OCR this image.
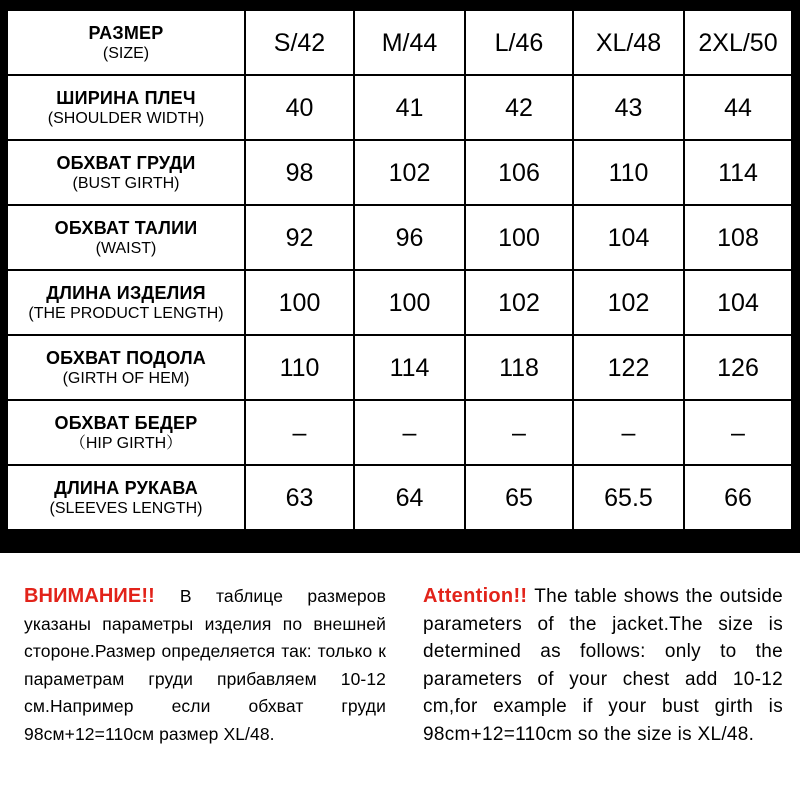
РАЗМЕР
(SIZE)	S/42	M/44	L/46	XL/48	2XL/50

ШИРИНА ПЛЕЧ
(SHOULDER WIDTH)	40	41	42	43	44

ОБХВАТ ГРУДИ
(BUST GIRTH)	98	102	106	110	114

ОБХВАТ ТАЛИИ
(WAIST)	92	96	100	104	108

ДЛИНА ИЗДЕЛИЯ
(THE PRODUCT LENGTH)	100	100	102	102	104

ОБХВАТ ПОДОЛА
(GIRTH OF HEM)	110	114	118	122	126

ОБХВАТ БЕДЕР
（HIP GIRTH）	–	–	–	–	–

ДЛИНА РУКАВА
(SLEEVES LENGTH)	63	64	65	65.5	66
ВНИМАНИЕ!! В таблице размеров указаны параметры изделия по внешней стороне.Размер определяется так: только к параметрам груди прибавляем 10-12 см.Например если обхват груди 98см+12=110см размер XL/48.
Attention!! The table shows the outside parameters of the jacket.The size is determined as follows: only to the parameters of your chest add 10-12 cm,for example if your bust girth is 98cm+12=110cm so the size is XL/48.
